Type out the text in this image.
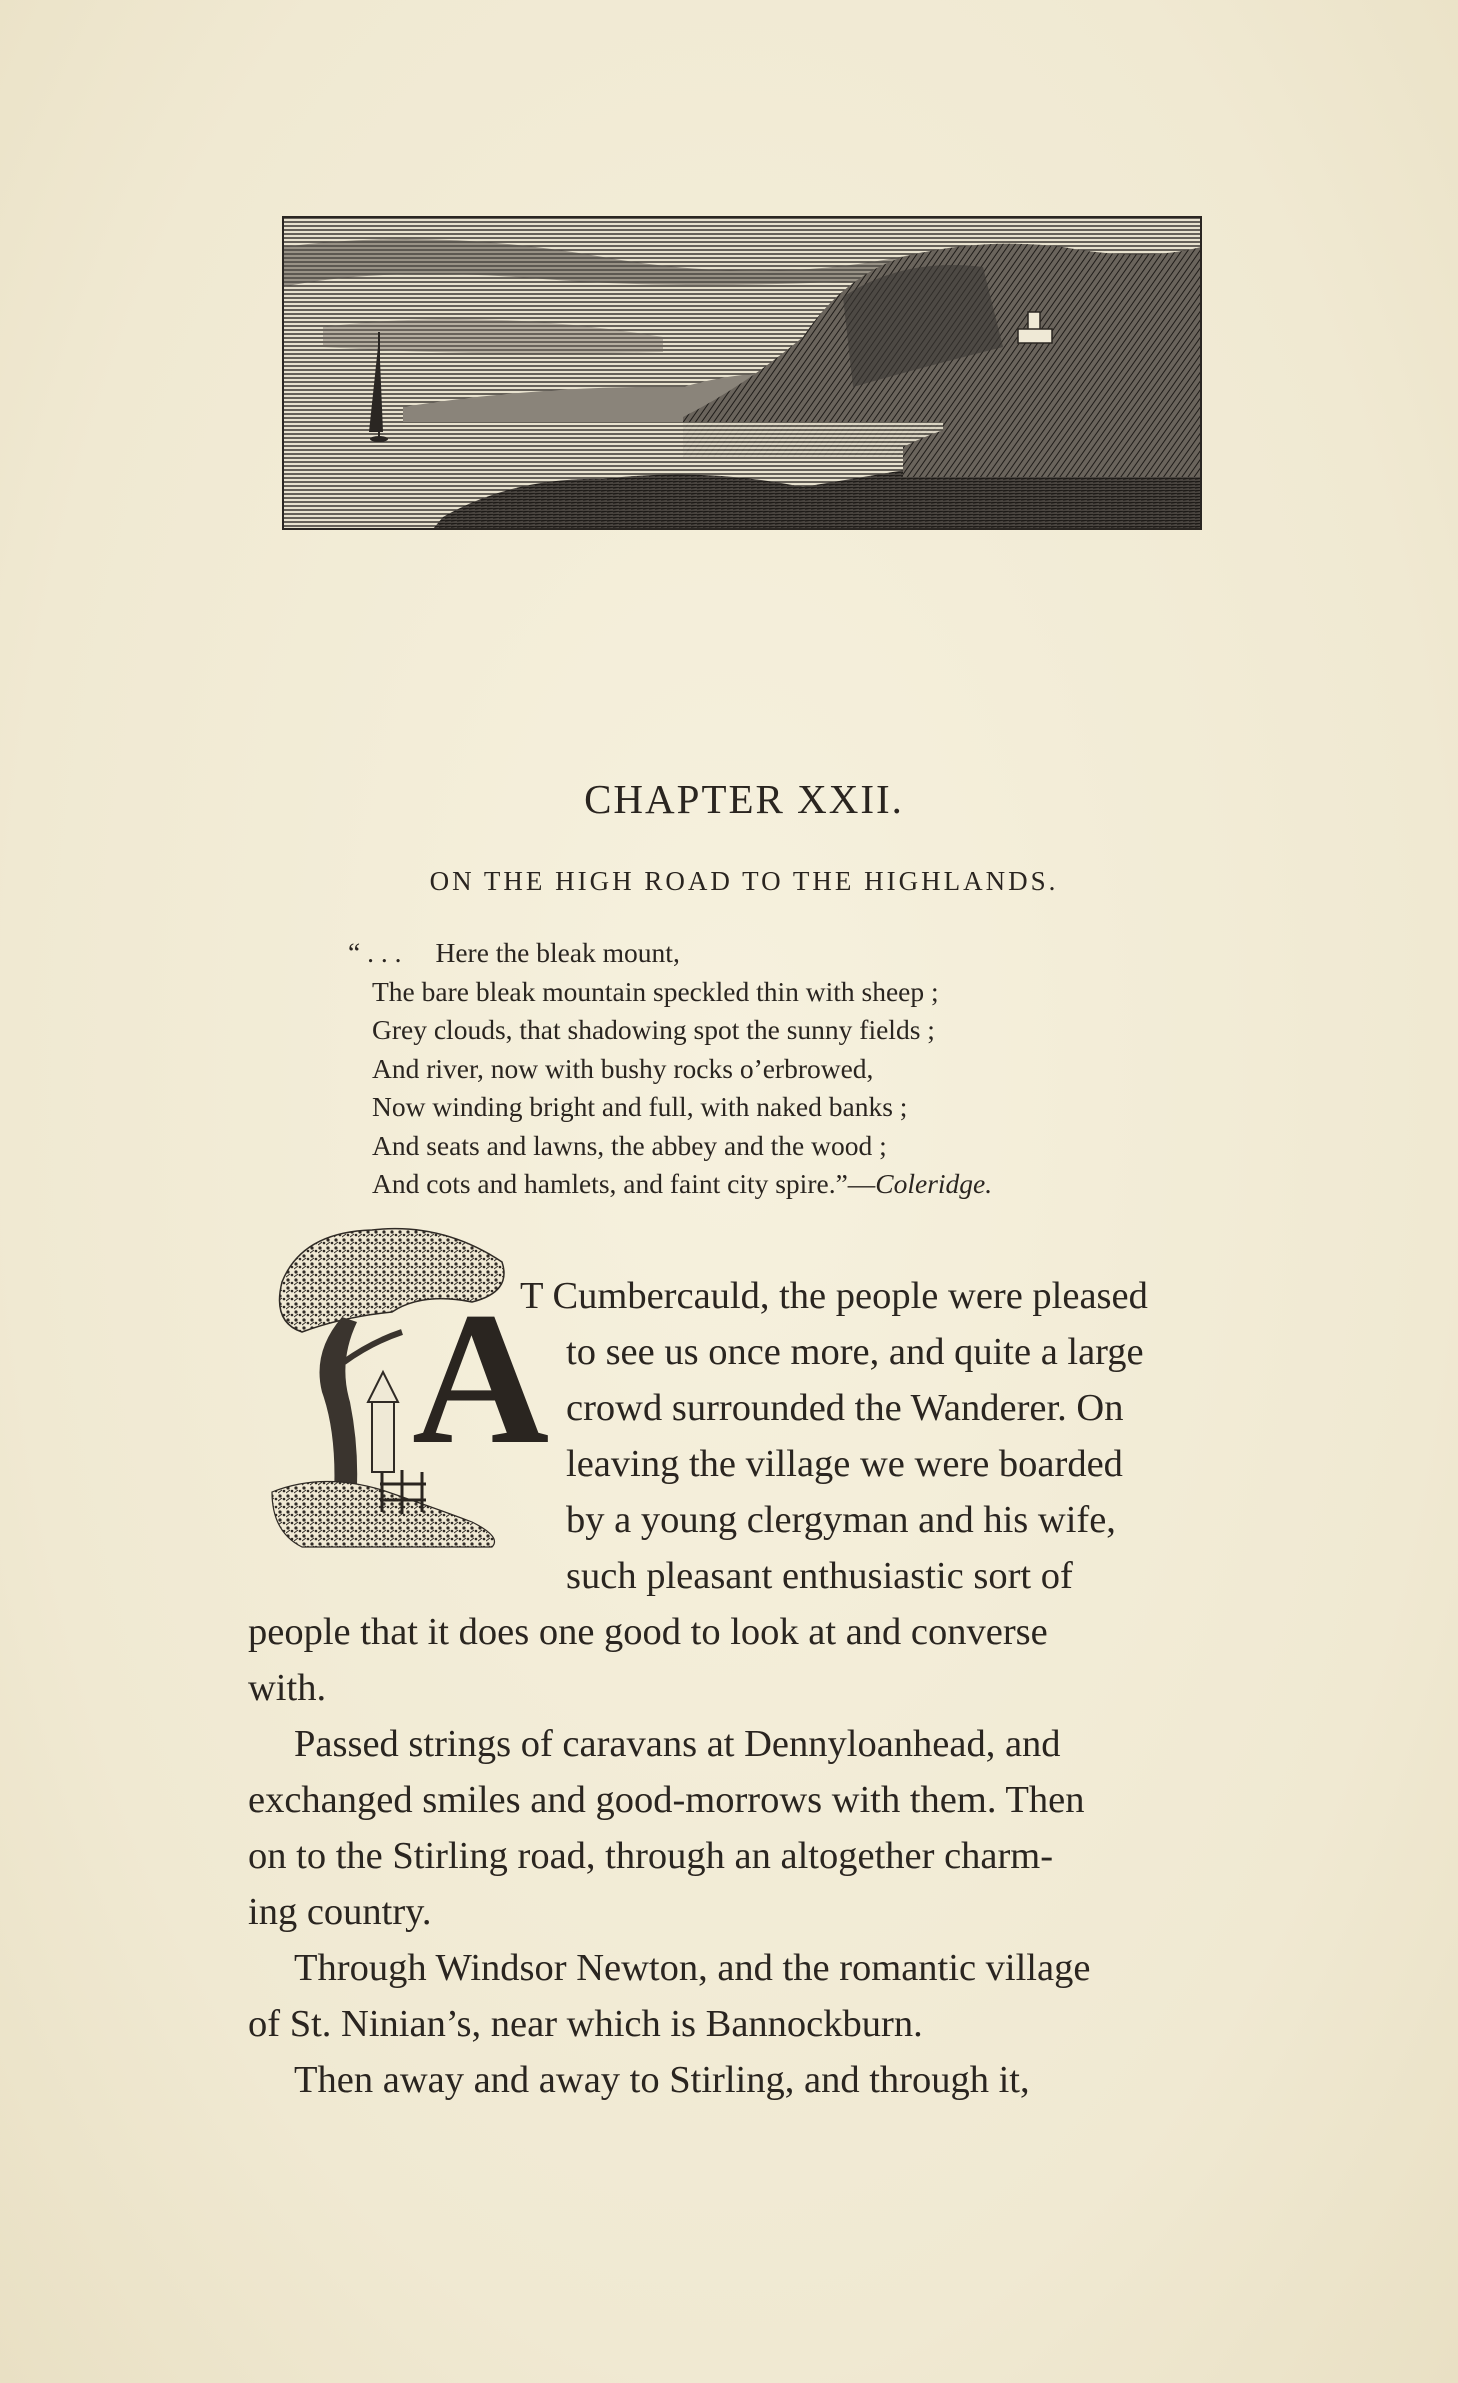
CHAPTER XXII.
ON THE HIGH ROAD TO THE HIGHLANDS.
“ . . . Here the bleak mount,
The bare bleak mountain speckled thin with sheep ;
Grey clouds, that shadowing spot the sunny fields ;
And river, now with bushy rocks o’erbrowed,
Now winding bright and full, with naked banks ;
And seats and lawns, the abbey and the wood ;
And cots and hamlets, and faint city spire.”—Coleridge.
A
T Cumbercauld, the people were pleased
to see us once more, and quite a large
crowd surrounded the Wanderer. On
leaving the village we were boarded
by a young clergyman and his wife,
such pleasant enthusiastic sort of
people that it does one good to look at and converse
with.
Passed strings of caravans at Dennyloanhead, and
exchanged smiles and good-morrows with them. Then
on to the Stirling road, through an altogether charm-
ing country.
Through Windsor Newton, and the romantic village
of St. Ninian’s, near which is Bannockburn.
Then away and away to Stirling, and through it,
